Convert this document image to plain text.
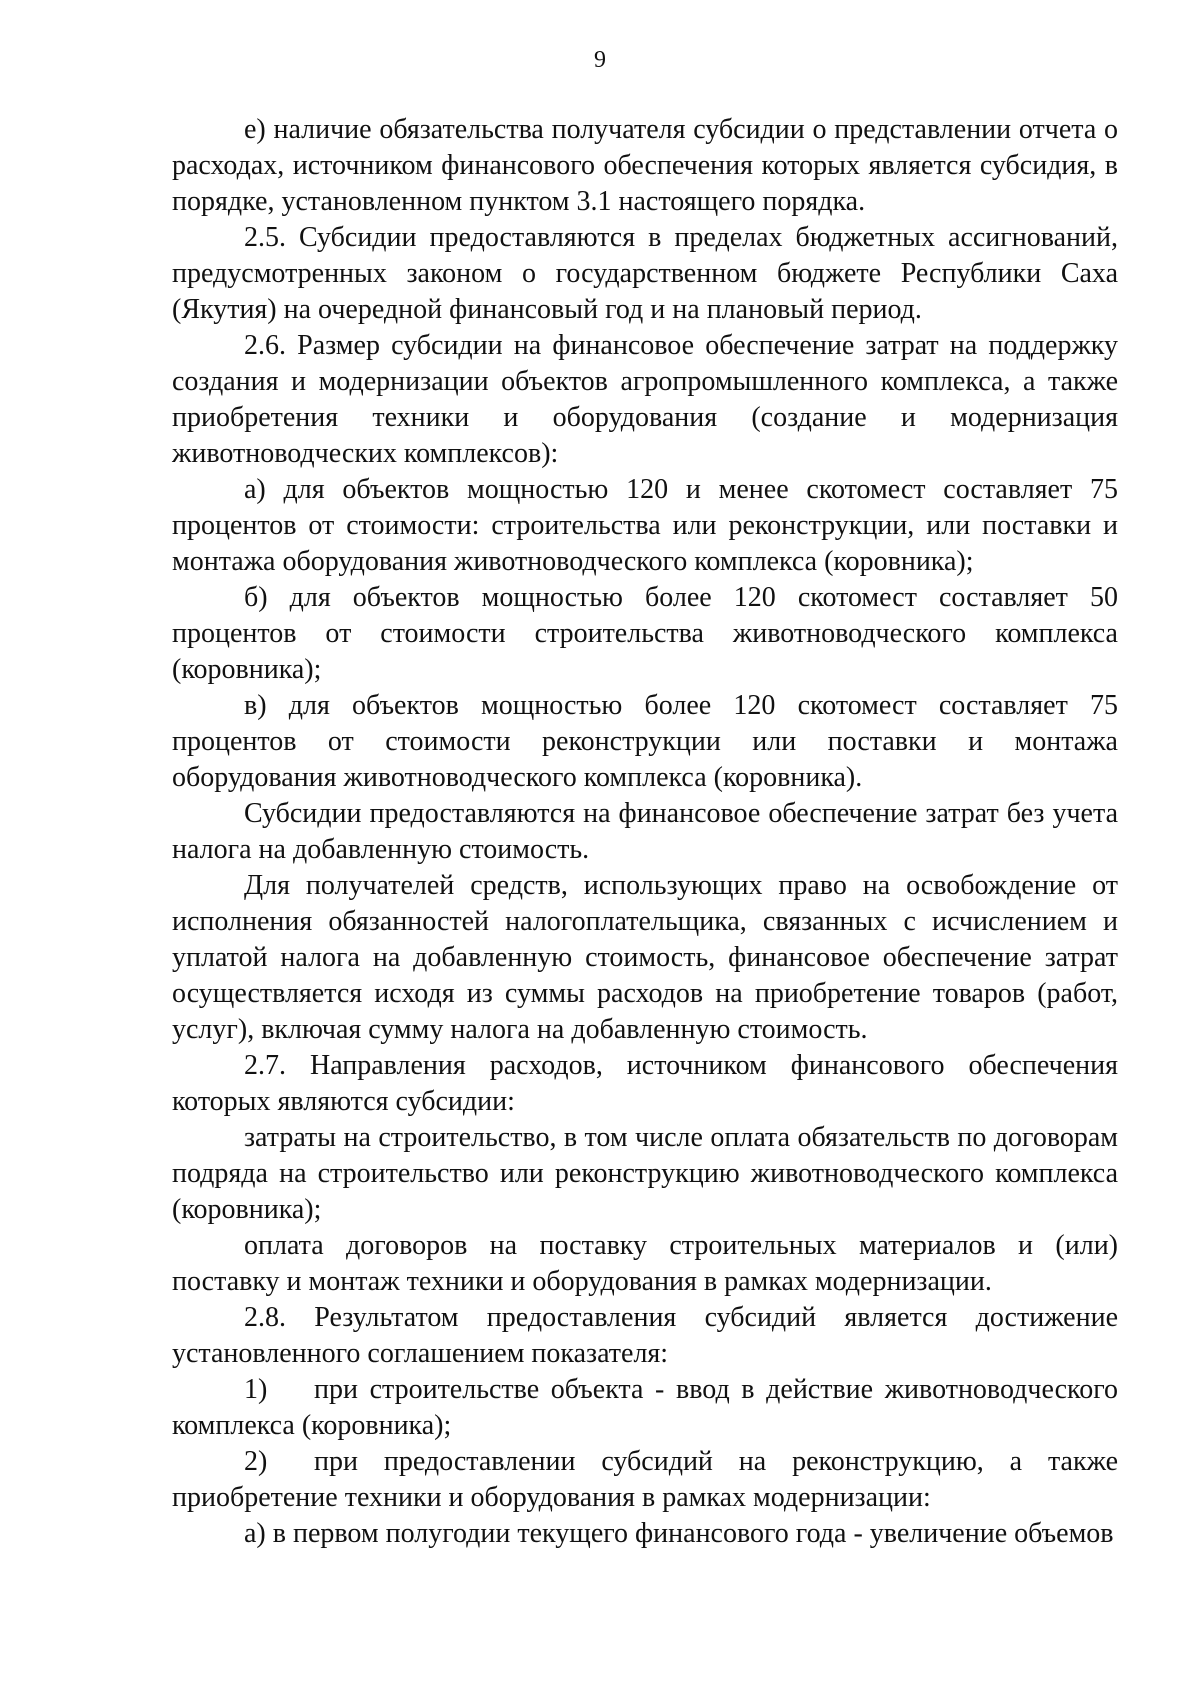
9

е) наличие обязательства получателя субсидии о представлении отчета о расходах, источником финансового обеспечения которых является субсидия, в порядке, установленном пунктом 3.1 настоящего порядка.

2.5. Субсидии предоставляются в пределах бюджетных ассигнований, предусмотренных законом о государственном бюджете Республики Саха (Якутия) на очередной финансовый год и на плановый период.

2.6. Размер субсидии на финансовое обеспечение затрат на поддержку создания и модернизации объектов агропромышленного комплекса, а также приобретения техники и оборудования (создание и модернизация животноводческих комплексов):

а) для объектов мощностью 120 и менее скотомест составляет 75 процентов от стоимости: строительства или реконструкции, или поставки и монтажа оборудования животноводческого комплекса (коровника);

б) для объектов мощностью более 120 скотомест составляет 50 процентов от стоимости строительства животноводческого комплекса (коровника);

в) для объектов мощностью более 120 скотомест составляет 75 процентов от стоимости реконструкции или поставки и монтажа оборудования животноводческого комплекса (коровника).

Субсидии предоставляются на финансовое обеспечение затрат без учета налога на добавленную стоимость.

Для получателей средств, использующих право на освобождение от исполнения обязанностей налогоплательщика, связанных с исчислением и уплатой налога на добавленную стоимость, финансовое обеспечение затрат осуществляется исходя из суммы расходов на приобретение товаров (работ, услуг), включая сумму налога на добавленную стоимость.

2.7. Направления расходов, источником финансового обеспечения которых являются субсидии:

затраты на строительство, в том числе оплата обязательств по договорам подряда на строительство или реконструкцию животноводческого комплекса (коровника);

оплата договоров на поставку строительных материалов и (или) поставку и монтаж техники и оборудования в рамках модернизации.

2.8. Результатом предоставления субсидий является достижение установленного соглашением показателя:

1) при строительстве объекта - ввод в действие животноводческого комплекса (коровника);

2) при предоставлении субсидий на реконструкцию, а также приобретение техники и оборудования в рамках модернизации:

а) в первом полугодии текущего финансового года - увеличение объемов
